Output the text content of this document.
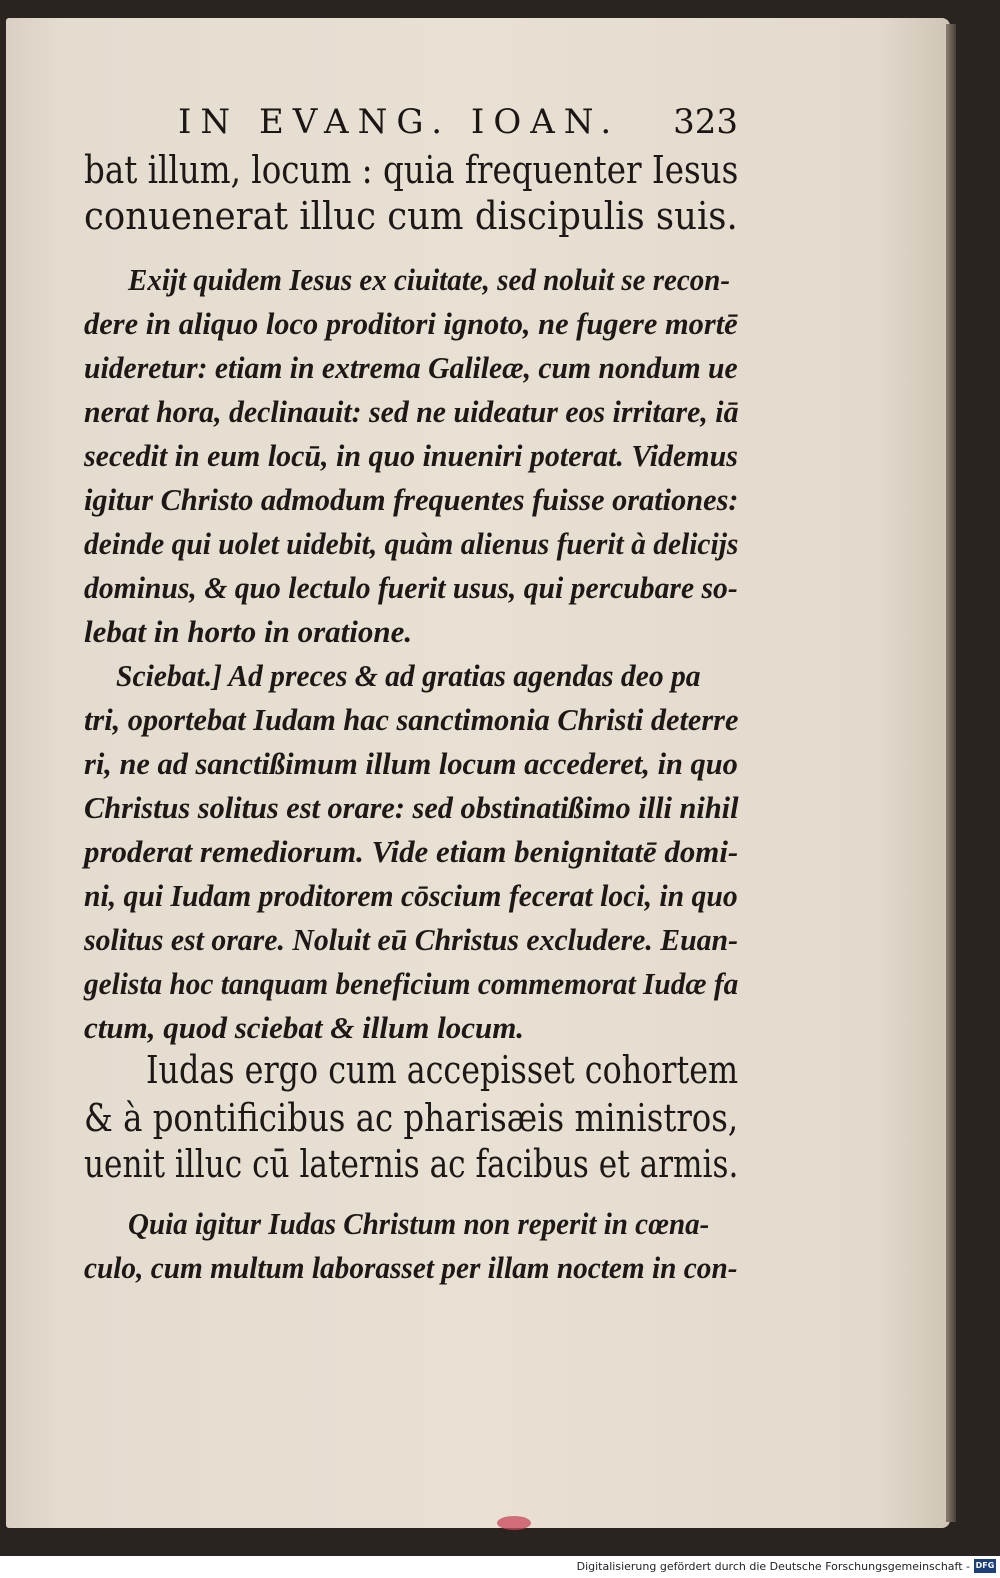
IN EVANG. IOAN. 323
bat illum, locum : quia frequenter Iesus
conuenerat illuc cum discipulis suis.
Exijt quidem Iesus ex ciuitate, sed noluit se recon-
dere in aliquo loco proditori ignoto, ne fugere mortē
uideretur: etiam in extrema Galileæ, cum nondum ue
nerat hora, declinauit: sed ne uideatur eos irritare, iā
secedit in eum locū, in quo inueniri poterat. Videmus
igitur Christo admodum frequentes fuisse orationes:
deinde qui uolet uidebit, quàm alienus fuerit à delicijs
dominus, & quo lectulo fuerit usus, qui percubare so-
lebat in horto in oratione.
Sciebat.] Ad preces & ad gratias agendas deo pa
tri, oportebat Iudam hac sanctimonia Christi deterre
ri, ne ad sanctißimum illum locum accederet, in quo
Christus solitus est orare: sed obstinatißimo illi nihil
proderat remediorum. Vide etiam benignitatē domi-
ni, qui Iudam proditorem cōscium fecerat loci, in quo
solitus est orare. Noluit eū Christus excludere. Euan-
gelista hoc tanquam beneficium commemorat Iudæ fa
ctum, quod sciebat & illum locum.
Iudas ergo cum accepisset cohortem
& à pontificibus ac pharisæis ministros,
uenit illuc cū laternis ac facibus et armis.
Quia igitur Iudas Christum non reperit in cœna-
culo, cum multum laborasset per illam noctem in con-
Digitalisierung gefördert durch die Deutsche Forschungsgemeinschaft - DFG
